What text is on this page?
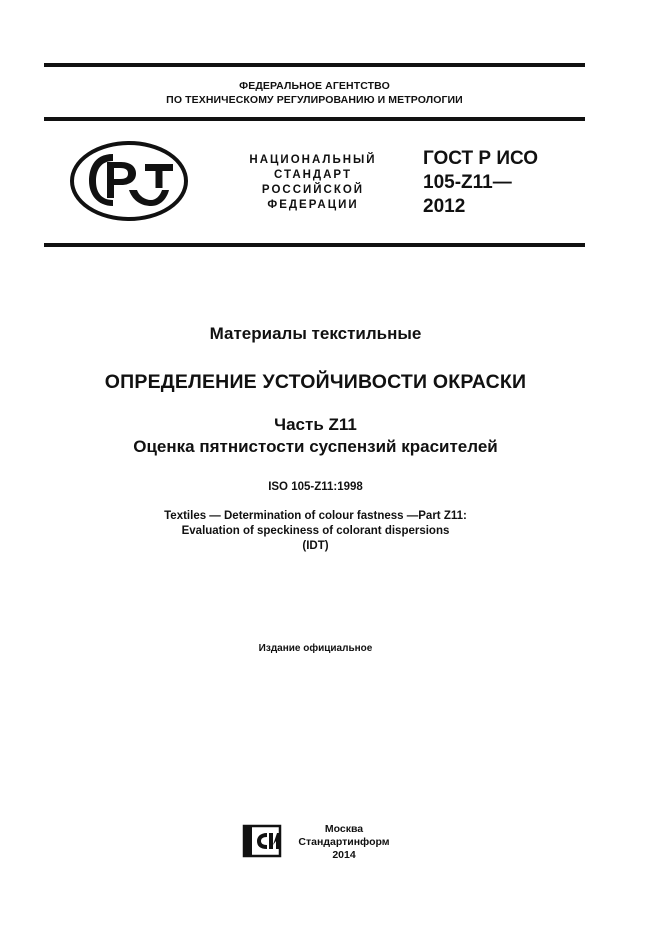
ФЕДЕРАЛЬНОЕ АГЕНТСТВО
ПО ТЕХНИЧЕСКОМУ РЕГУЛИРОВАНИЮ И МЕТРОЛОГИИ
НАЦИОНАЛЬНЫЙ
СТАНДАРТ
РОССИЙСКОЙ
ФЕДЕРАЦИИ
ГОСТ Р ИСО
105-Z11—
2012
Материалы текстильные
ОПРЕДЕЛЕНИЕ УСТОЙЧИВОСТИ ОКРАСКИ
Часть Z11
Оценка пятнистости суспензий красителей
ISO 105-Z11:1998
Textiles — Determination of colour fastness —Part Z11:
Evaluation of speckiness of colorant dispersions
(IDT)
Издание официальное
Москва
Стандартинформ
2014
